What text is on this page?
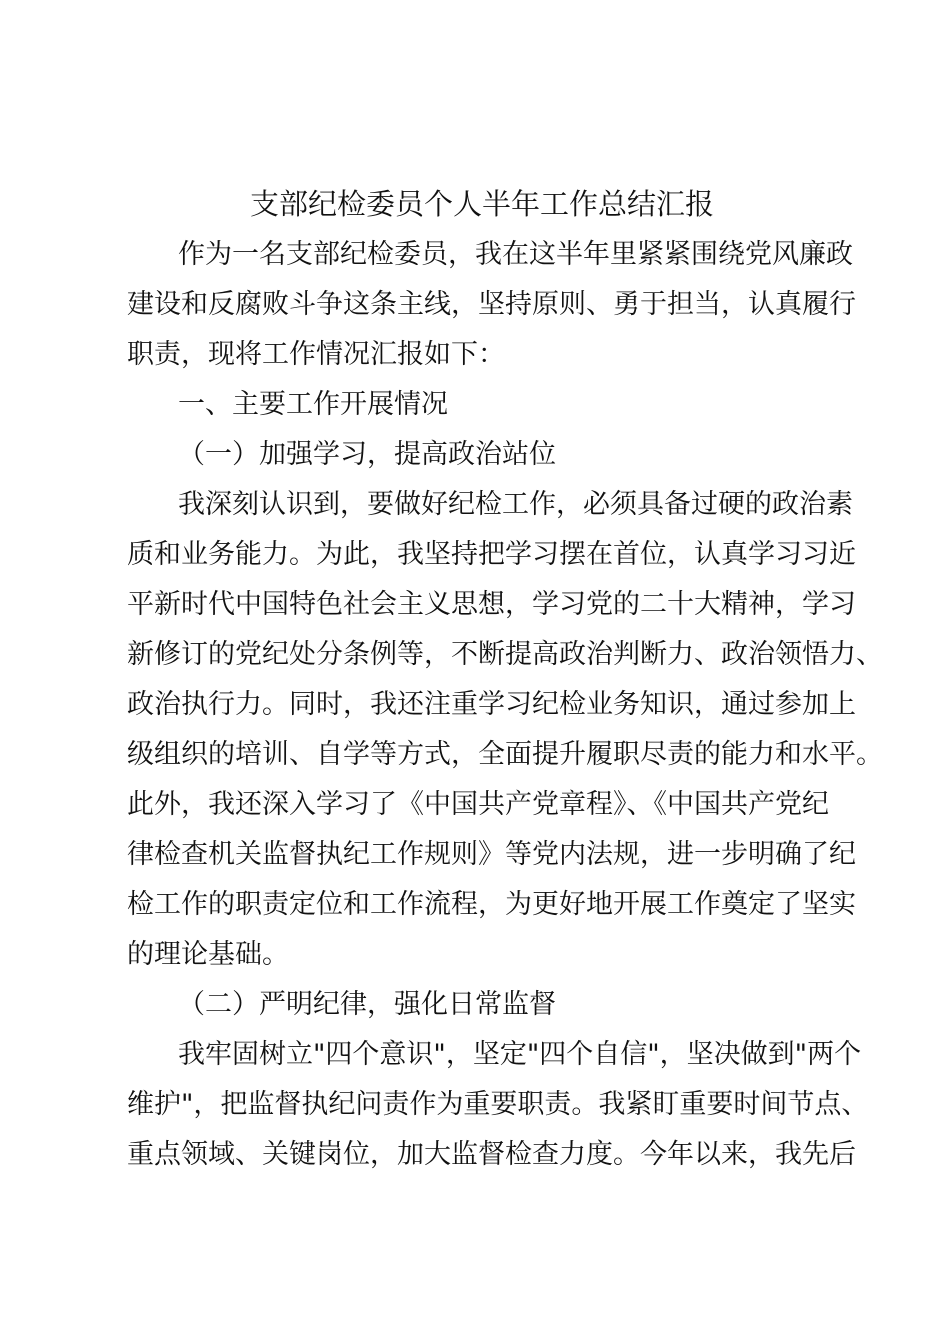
支部纪检委员个人半年工作总结汇报
作为一名支部纪检委员，我在这半年里紧紧围绕党风廉政
建设和反腐败斗争这条主线，坚持原则、勇于担当，认真履行
职责，现将工作情况汇报如下：
一、主要工作开展情况
（一）加强学习，提高政治站位
我深刻认识到，要做好纪检工作，必须具备过硬的政治素
质和业务能力。为此，我坚持把学习摆在首位，认真学习习近
平新时代中国特色社会主义思想，学习党的二十大精神，学习
新修订的党纪处分条例等，不断提高政治判断力、政治领悟力、
政治执行力。同时，我还注重学习纪检业务知识，通过参加上
级组织的培训、自学等方式，全面提升履职尽责的能力和水平。
此外，我还深入学习了《中国共产党章程》、《中国共产党纪
律检查机关监督执纪工作规则》等党内法规，进一步明确了纪
检工作的职责定位和工作流程，为更好地开展工作奠定了坚实
的理论基础。
（二）严明纪律，强化日常监督
我牢固树立"四个意识"，坚定"四个自信"，坚决做到"两个
维护"，把监督执纪问责作为重要职责。我紧盯重要时间节点、
重点领域、关键岗位，加大监督检查力度。今年以来，我先后
